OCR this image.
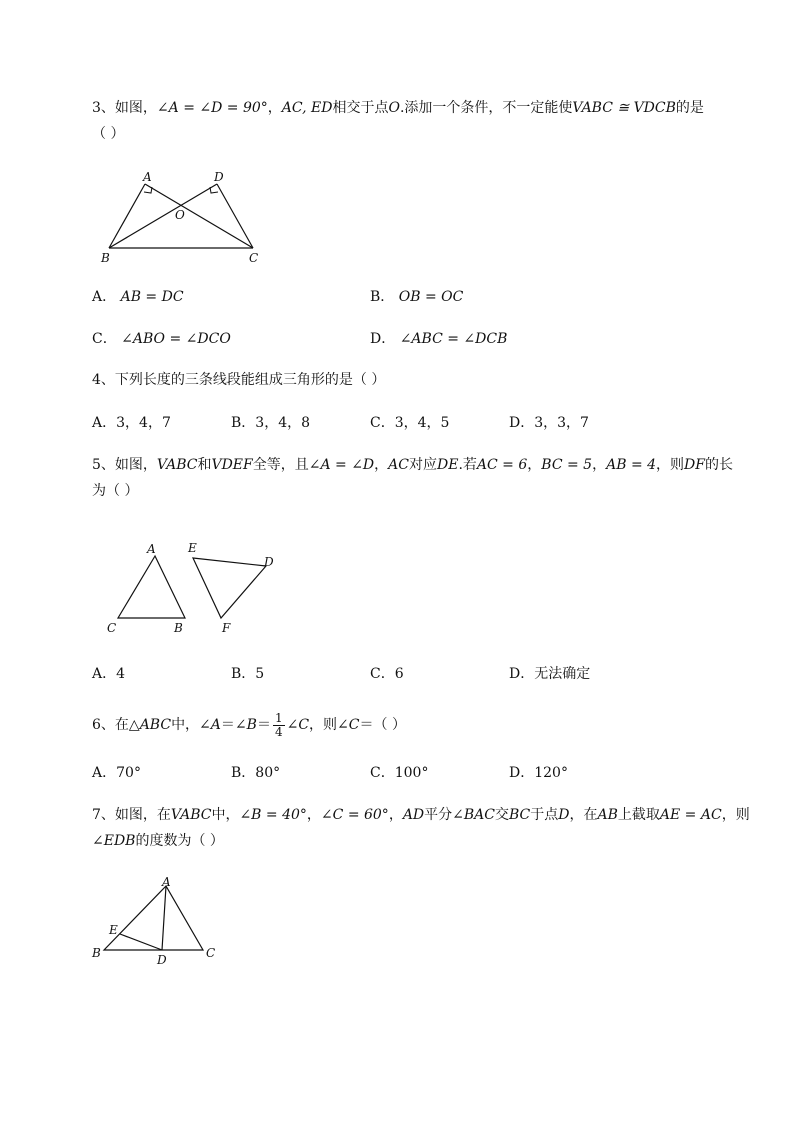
3、如图，∠A = ∠D = 90°，AC, ED相交于点O.添加一个条件，不一定能使VABC ≅ VDCB的是
（ ）
A	D
O
B	C
A． AB = DC	B． OB = OC
C． ∠ABO = ∠DCO	D． ∠ABC = ∠DCB
4、下列长度的三条线段能组成三角形的是（ ）
A．3，4，7	B．3，4，8	C．3，4，5	D．3，3，7
5、如图，VABC和VDEF全等，且∠A = ∠D，AC对应DE.若AC = 6，BC = 5，AB = 4，则DF的长
为（ ）
A
C	B
E
D
F
A．4	B．5	C．6	D．无法确定
6、在△ABC中，∠A＝∠B＝ $\frac{1}{4}$ ∠C，则∠C＝（ ）
A．70°	B．80°	C．100°	D．120°
7、如图，在VABC中，∠B = 40°，∠C = 60°，AD平分∠BAC交BC于点D，在AB上截取AE = AC，则
∠EDB的度数为（ ）
A
E
B	D	C
